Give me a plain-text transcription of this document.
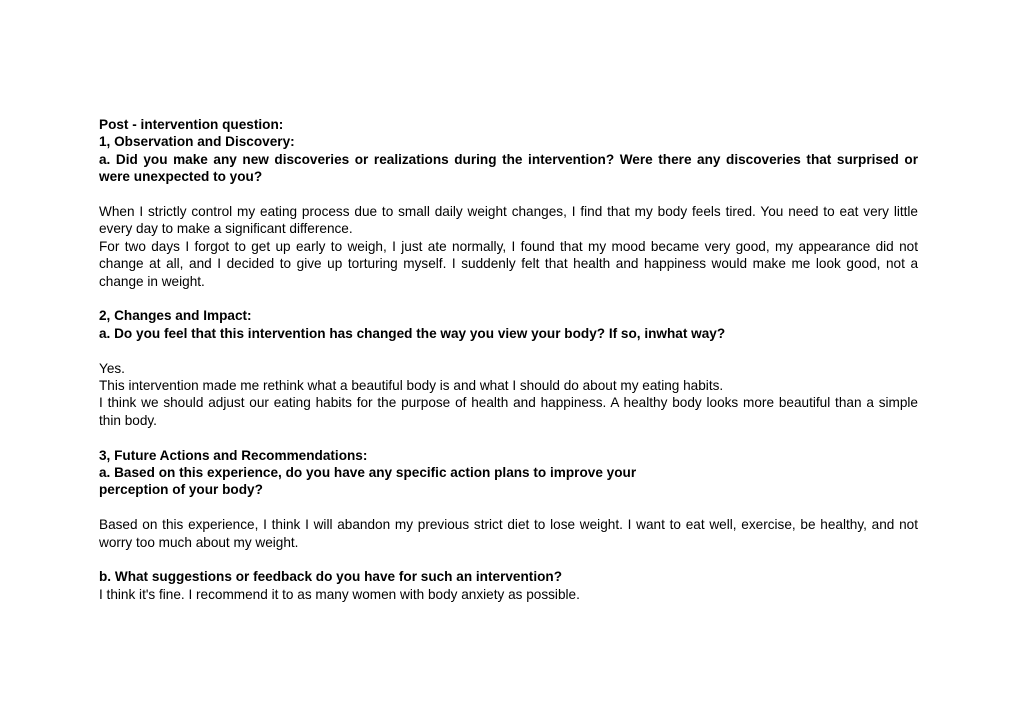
Post - intervention question:

1, Observation and Discovery:

a. Did you make any new discoveries or realizations during the intervention? Were there any discoveries that surprised or were unexpected to you?

When I strictly control my eating process due to small daily weight changes, I find that my body feels tired. You need to eat very little every day to make a significant difference.

For two days I forgot to get up early to weigh, I just ate normally, I found that my mood became very good, my appearance did not change at all, and I decided to give up torturing myself. I suddenly felt that health and happiness would make me look good, not a change in weight.

2, Changes and Impact:

a. Do you feel that this intervention has changed the way you view your body? If so, inwhat way?

Yes.

This intervention made me rethink what a beautiful body is and what I should do about my eating habits.

I think we should adjust our eating habits for the purpose of health and happiness. A healthy body looks more beautiful than a simple thin body.

3, Future Actions and Recommendations:

a. Based on this experience, do you have any specific action plans to improve your

perception of your body?

Based on this experience, I think I will abandon my previous strict diet to lose weight. I want to eat well, exercise, be healthy, and not worry too much about my weight.

b. What suggestions or feedback do you have for such an intervention?

I think it's fine. I recommend it to as many women with body anxiety as possible.
